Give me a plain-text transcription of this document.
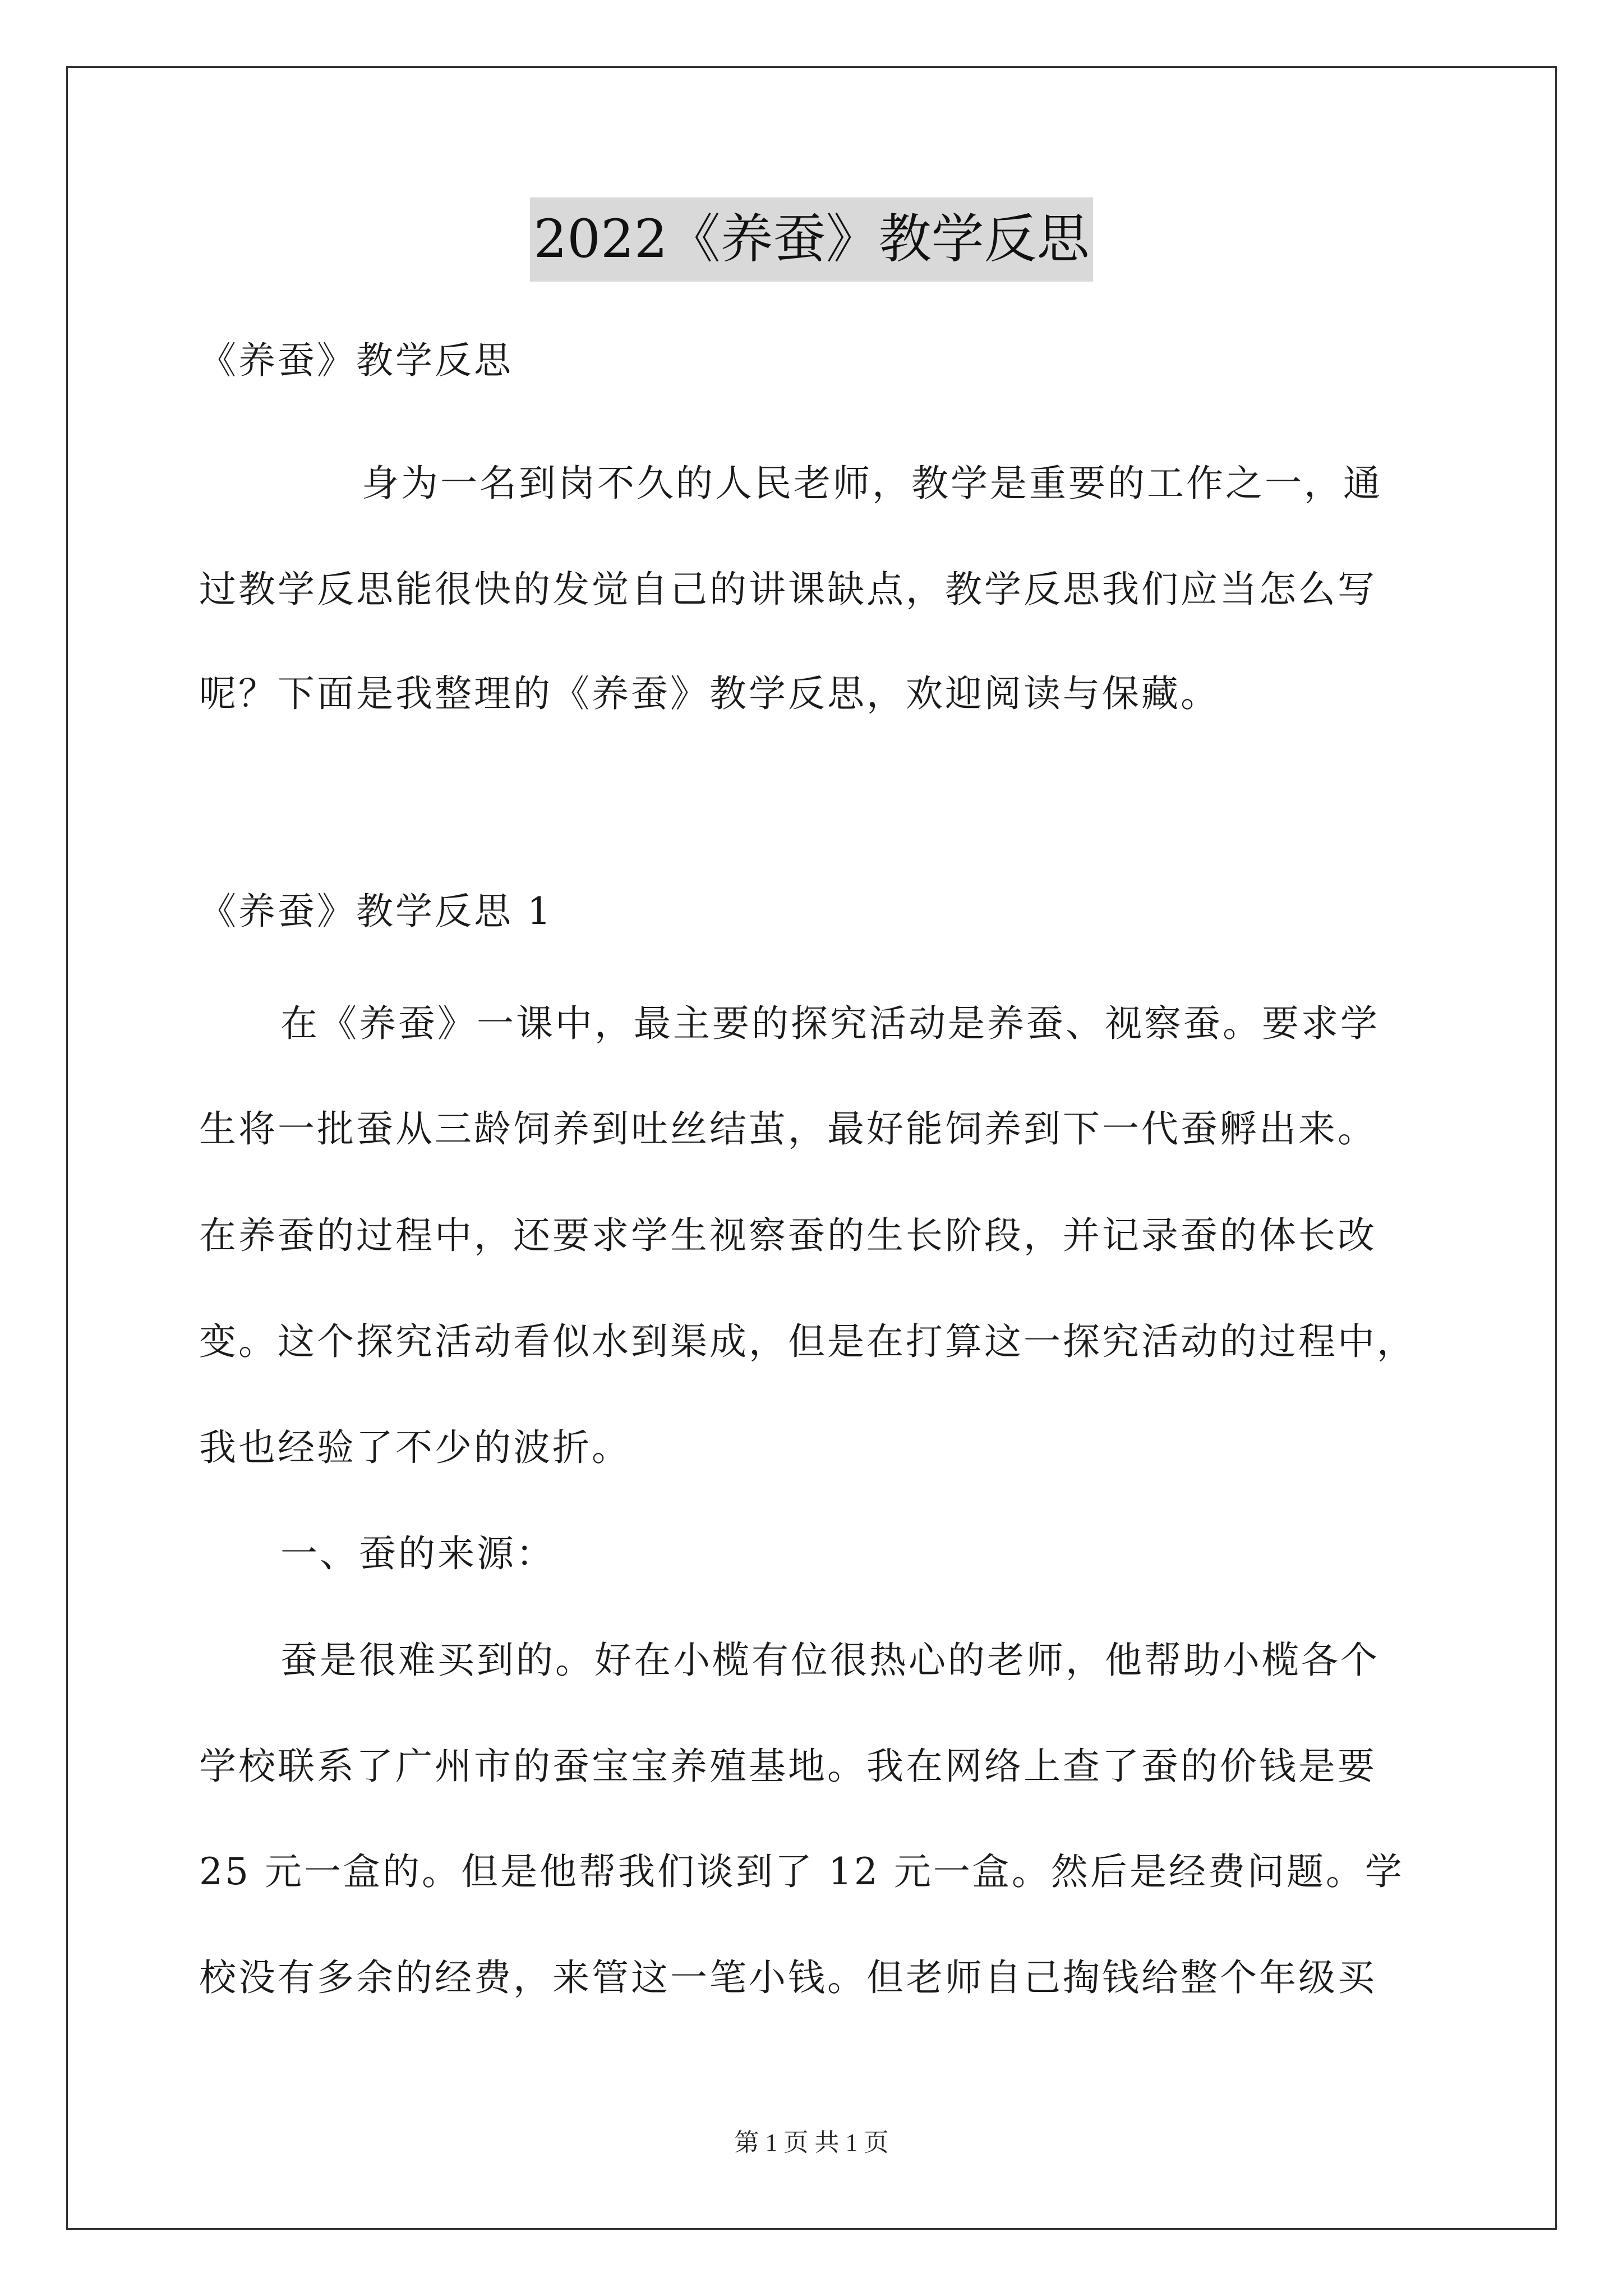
2022《养蚕》教学反思
《养蚕》教学反思
身为一名到岗不久的人民老师，教学是重要的工作之一，通
过教学反思能很快的发觉自己的讲课缺点，教学反思我们应当怎么写
呢？下面是我整理的《养蚕》教学反思，欢迎阅读与保藏。
《养蚕》教学反思 1
在《养蚕》一课中，最主要的探究活动是养蚕、视察蚕。要求学
生将一批蚕从三龄饲养到吐丝结茧，最好能饲养到下一代蚕孵出来。
在养蚕的过程中，还要求学生视察蚕的生长阶段，并记录蚕的体长改
变。这个探究活动看似水到渠成，但是在打算这一探究活动的过程中，
我也经验了不少的波折。
一、蚕的来源：
蚕是很难买到的。好在小榄有位很热心的老师，他帮助小榄各个
学校联系了广州市的蚕宝宝养殖基地。我在网络上查了蚕的价钱是要
25 元一盒的。但是他帮我们谈到了 12 元一盒。然后是经费问题。学
校没有多余的经费，来管这一笔小钱。但老师自己掏钱给整个年级买
第 1 页 共 1 页
